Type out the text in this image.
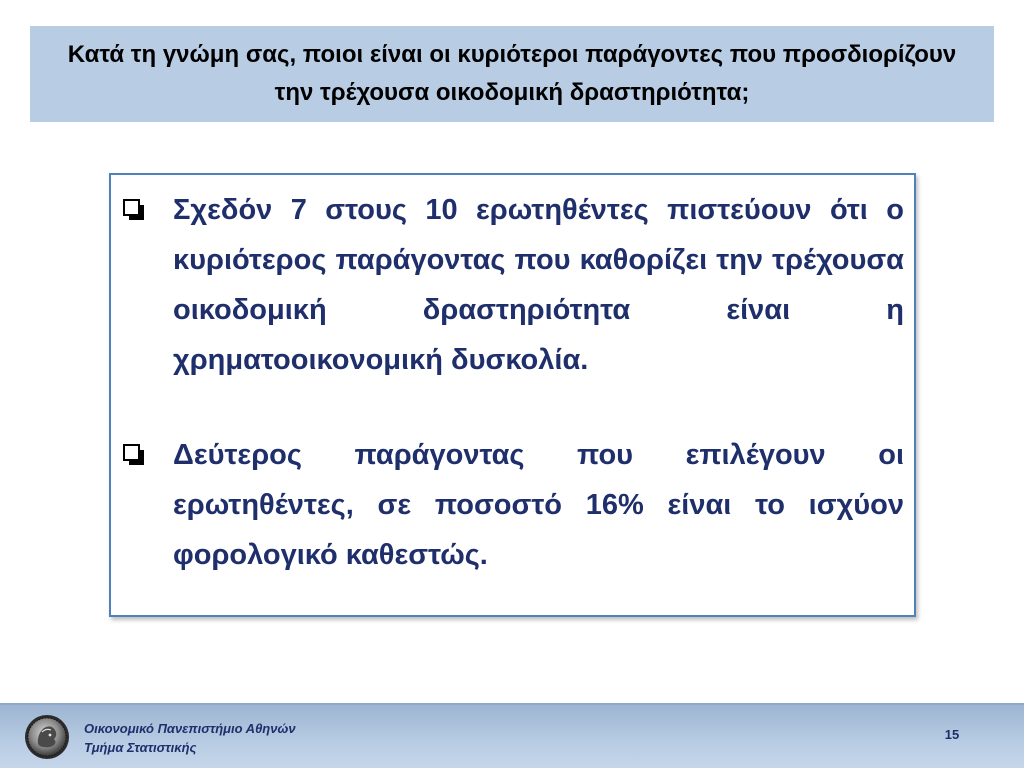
Κατά τη γνώμη σας, ποιοι είναι οι κυριότεροι παράγοντες που προσδιορίζουν την τρέχουσα οικοδομική δραστηριότητα;

Σχεδόν 7 στους 10 ερωτηθέντες πιστεύουν ότι ο κυριότερος παράγοντας που καθορίζει την τρέχουσα οικοδομική δραστηριότητα είναι η χρηματοοικονομική δυσκολία.

Δεύτερος παράγοντας που επιλέγουν οι ερωτηθέντες, σε ποσοστό 16% είναι το ισχύον φορολογικό καθεστώς.

Οικονομικό Πανεπιστήμιο Αθηνών
Τμήμα Στατιστικής
15
